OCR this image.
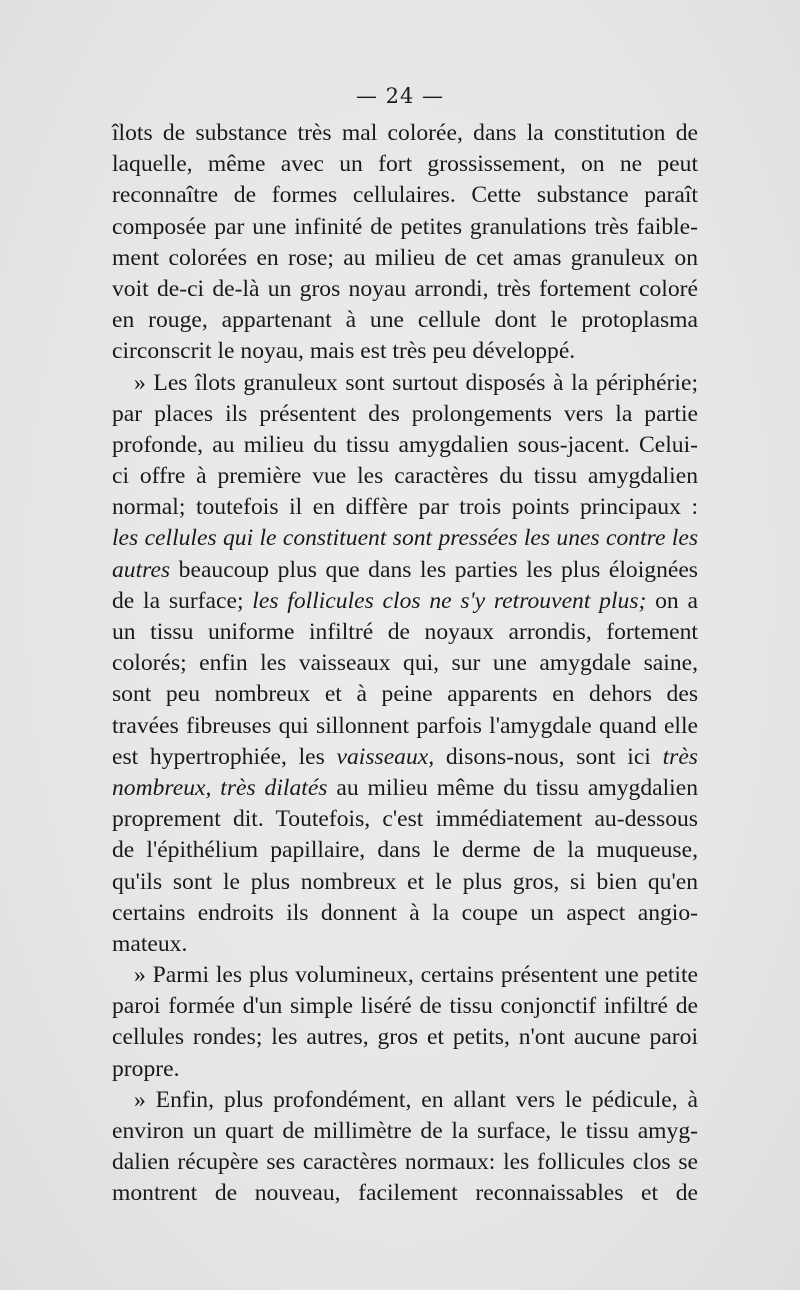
— 24 —
îlots de substance très mal colorée, dans la constitution de
laquelle, même avec un fort grossissement, on ne peut
reconnaître de formes cellulaires. Cette substance paraît
composée par une infinité de petites granulations très faible-
ment colorées en rose; au milieu de cet amas granuleux on
voit de-ci de-là un gros noyau arrondi, très fortement coloré
en rouge, appartenant à une cellule dont le protoplasma
circonscrit le noyau, mais est très peu développé.
» Les îlots granuleux sont surtout disposés à la périphérie;
par places ils présentent des prolongements vers la partie
profonde, au milieu du tissu amygdalien sous-jacent. Celui-
ci offre à première vue les caractères du tissu amygdalien
normal; toutefois il en diffère par trois points principaux :
les cellules qui le constituent sont pressées les unes contre les
autres beaucoup plus que dans les parties les plus éloignées
de la surface; les follicules clos ne s'y retrouvent plus; on a
un tissu uniforme infiltré de noyaux arrondis, fortement
colorés; enfin les vaisseaux qui, sur une amygdale saine,
sont peu nombreux et à peine apparents en dehors des
travées fibreuses qui sillonnent parfois l'amygdale quand elle
est hypertrophiée, les vaisseaux, disons-nous, sont ici très
nombreux, très dilatés au milieu même du tissu amygdalien
proprement dit. Toutefois, c'est immédiatement au-dessous
de l'épithélium papillaire, dans le derme de la muqueuse,
qu'ils sont le plus nombreux et le plus gros, si bien qu'en
certains endroits ils donnent à la coupe un aspect angio-
mateux.
» Parmi les plus volumineux, certains présentent une petite
paroi formée d'un simple liséré de tissu conjonctif infiltré de
cellules rondes; les autres, gros et petits, n'ont aucune paroi
propre.
» Enfin, plus profondément, en allant vers le pédicule, à
environ un quart de millimètre de la surface, le tissu amyg-
dalien récupère ses caractères normaux: les follicules clos se
montrent de nouveau, facilement reconnaissables et de
